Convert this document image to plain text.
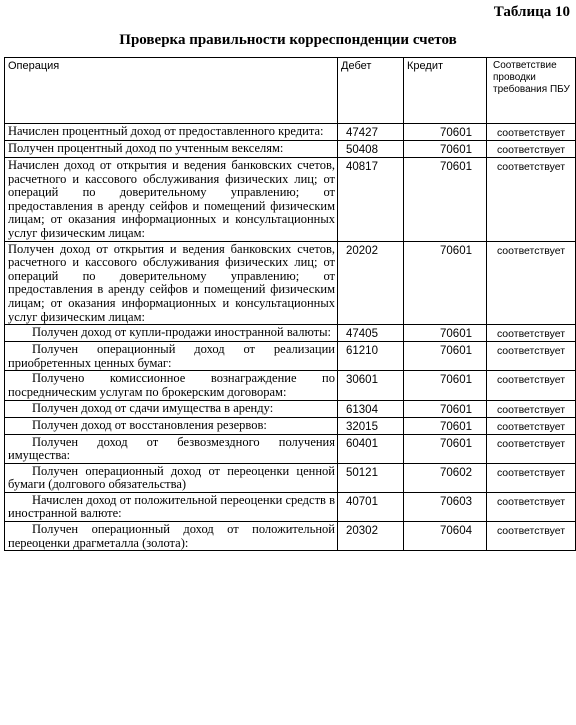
Таблица 10
Проверка правильности корреспонденции счетов
Операция	Дебет	Кредит	Соответствие проводки требования ПБУ
Начислен процентный доход от предоставленного кредита:	47427	70601	соответствует
Получен процентный доход по учтенным векселям:	50408	70601	соответствует
Начислен доход от открытия и ведения банковских счетов, расчетного и кассового обслуживания физических лиц; от операций по доверительному управлению; от предоставления в аренду сейфов и помещений физическим лицам; от оказания информационных и консультационных услуг физическим лицам:	40817	70601	соответствует
Получен доход от открытия и ведения банковских счетов, расчетного и кассового обслуживания физических лиц; от операций по доверительному управлению; от предоставления в аренду сейфов и помещений физическим лицам; от оказания информационных и консультационных услуг физическим лицам:	20202	70601	соответствует
Получен доход от купли-продажи иностранной валюты:	47405	70601	соответствует
Получен операционный доход от реализации приобретенных ценных бумаг:	61210	70601	соответствует
Получено комиссионное вознаграждение по посредническим услугам по брокерским договорам:	30601	70601	соответствует
Получен доход от сдачи имущества в аренду:	61304	70601	соответствует
Получен доход от восстановления резервов:	32015	70601	соответствует
Получен доход от безвозмездного получения имущества:	60401	70601	соответствует
Получен операционный доход от переоценки ценной бумаги (долгового обязательства)	50121	70602	соответствует
Начислен доход от положительной переоценки средств в иностранной валюте:	40701	70603	соответствует
Получен операционный доход от положительной переоценки драгметалла (золота):	20302	70604	соответствует
